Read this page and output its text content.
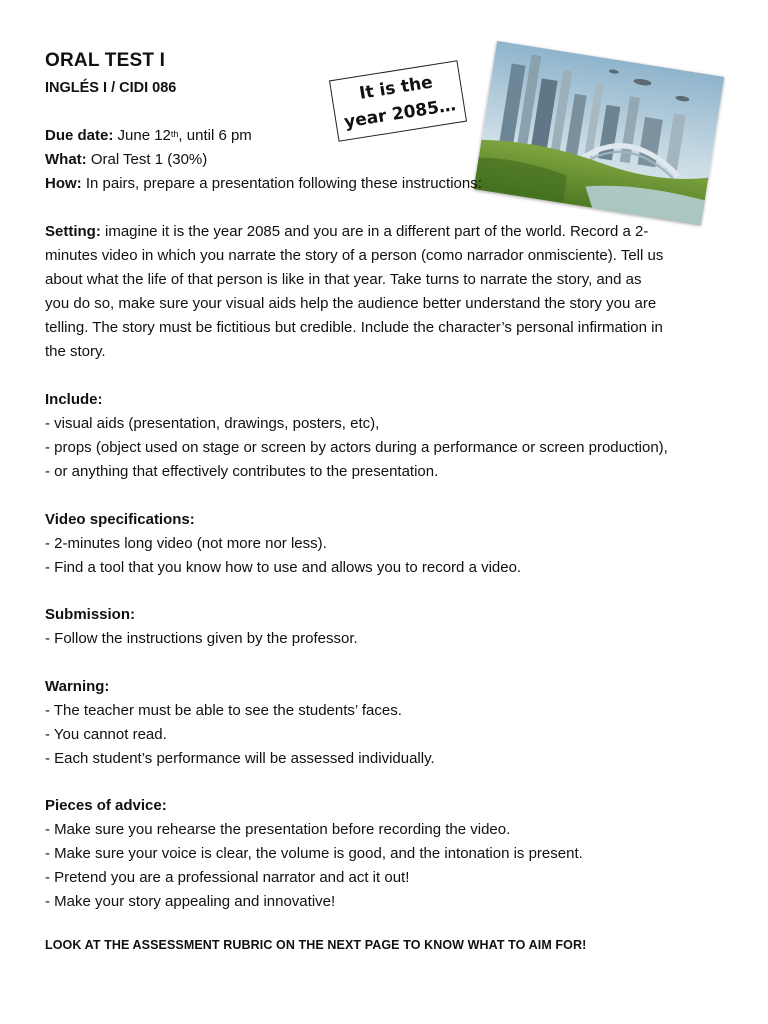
ORAL TEST I
INGLÉS I / CIDI 086	It is the
year 2085…
Due date: June 12th, until 6 pm
What: Oral Test 1 (30%)
How: In pairs, prepare a presentation following these instructions:
Setting: imagine it is the year 2085 and you are in a different part of the world. Record a 2-
minutes video in which you narrate the story of a person (como narrador onmisciente). Tell us
about what the life of that person is like in that year. Take turns to narrate the story, and as
you do so, make sure your visual aids help the audience better understand the story you are
telling. The story must be fictitious but credible. Include the character’s personal infirmation in
the story.
Include:
- visual aids (presentation, drawings, posters, etc),
- props (object used on stage or screen by actors during a performance or screen production),
- or anything that effectively contributes to the presentation.
Video specifications:
- 2-minutes long video (not more nor less).
- Find a tool that you know how to use and allows you to record a video.
Submission:
- Follow the instructions given by the professor.
Warning:
- The teacher must be able to see the students’ faces.
- You cannot read.
- Each student’s performance will be assessed individually.
Pieces of advice:
- Make sure you rehearse the presentation before recording the video.
- Make sure your voice is clear, the volume is good, and the intonation is present.
- Pretend you are a professional narrator and act it out!
- Make your story appealing and innovative!
LOOK AT THE ASSESSMENT RUBRIC ON THE NEXT PAGE TO KNOW WHAT TO AIM FOR!
